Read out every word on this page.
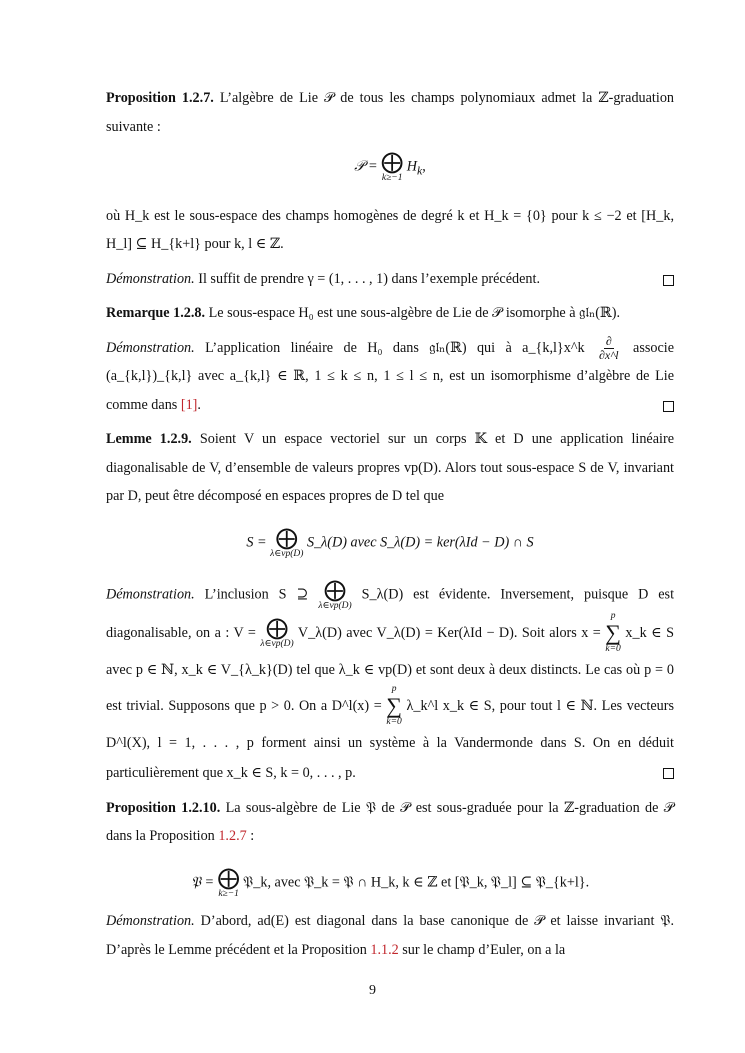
Proposition 1.2.7. L’algèbre de Lie 𝒫 de tous les champs polynomiaux admet la ℤ-graduation suivante :

𝒫 = ⨁
k≥−1
$H_k$,

où H_k est le sous-espace des champs homogènes de degré k et H_k = {0} pour k ≤ −2 et [H_k, H_l] ⊆ H_{k+l} pour k, l ∈ ℤ.

Démonstration. Il suffit de prendre γ = (1, . . . , 1) dans l’exemple précédent.

Remarque 1.2.8. Le sous-espace H₀ est une sous-algèbre de Lie de 𝒫 isomorphe à 𝔤𝔩ₙ(ℝ).

Démonstration. L’application linéaire de H₀ dans 𝔤𝔩ₙ(ℝ) qui à a_{k,l}x^k $\frac{\partial}{\partial x\^{}l}$ associe (a_{k,l})_{k,l} avec a_{k,l} ∈ ℝ, 1 ≤ k ≤ n, 1 ≤ l ≤ n, est un isomorphisme d’algèbre de Lie comme dans [1].

Lemme 1.2.9. Soient V un espace vectoriel sur un corps 𝕂 et D une application linéaire diagonalisable de V, d’ensemble de valeurs propres vp(D). Alors tout sous-espace S de V, invariant par D, peut être décomposé en espaces propres de D tel que

S = ⨁
λ∈vp(D)
S_λ(D) avec S_λ(D) = ker(λId − D) ∩ S

Démonstration. L’inclusion S ⊇ ⨁
λ∈vp(D)
S_λ(D) est évidente. Inversement, puisque D est diagonalisable, on a : V = ⨁
λ∈vp(D)
V_λ(D) avec V_λ(D) = Ker(λId − D). Soit alors x =
p
∑
k=0
x_k ∈ S avec p ∈ ℕ, x_k ∈ V_{λ_k}(D) tel que λ_k ∈ vp(D) et sont deux à deux distincts. Le cas où p = 0 est trivial. Supposons que p > 0. On a D^l(x) =
p
∑
k=0
λ_k^l x_k ∈ S, pour tout l ∈ ℕ. Les vecteurs D^l(X), l = 1, . . . , p forment ainsi un système à la Vandermonde dans S. On en déduit particulièrement que x_k ∈ S, k = 0, . . . , p.

Proposition 1.2.10. La sous-algèbre de Lie 𝔓 de 𝒫 est sous-graduée pour la ℤ-graduation de 𝒫 dans la Proposition 1.2.7 :

𝔓 = ⨁
k≥−1
𝔓_k, avec 𝔓_k = 𝔓 ∩ H_k, k ∈ ℤ et [𝔓_k, 𝔓_l] ⊆ 𝔓_{k+l}.

Démonstration. D’abord, ad(E) est diagonal dans la base canonique de 𝒫 et laisse invariant 𝔓. D’après le Lemme précédent et la Proposition 1.1.2 sur le champ d’Euler, on a la

9
